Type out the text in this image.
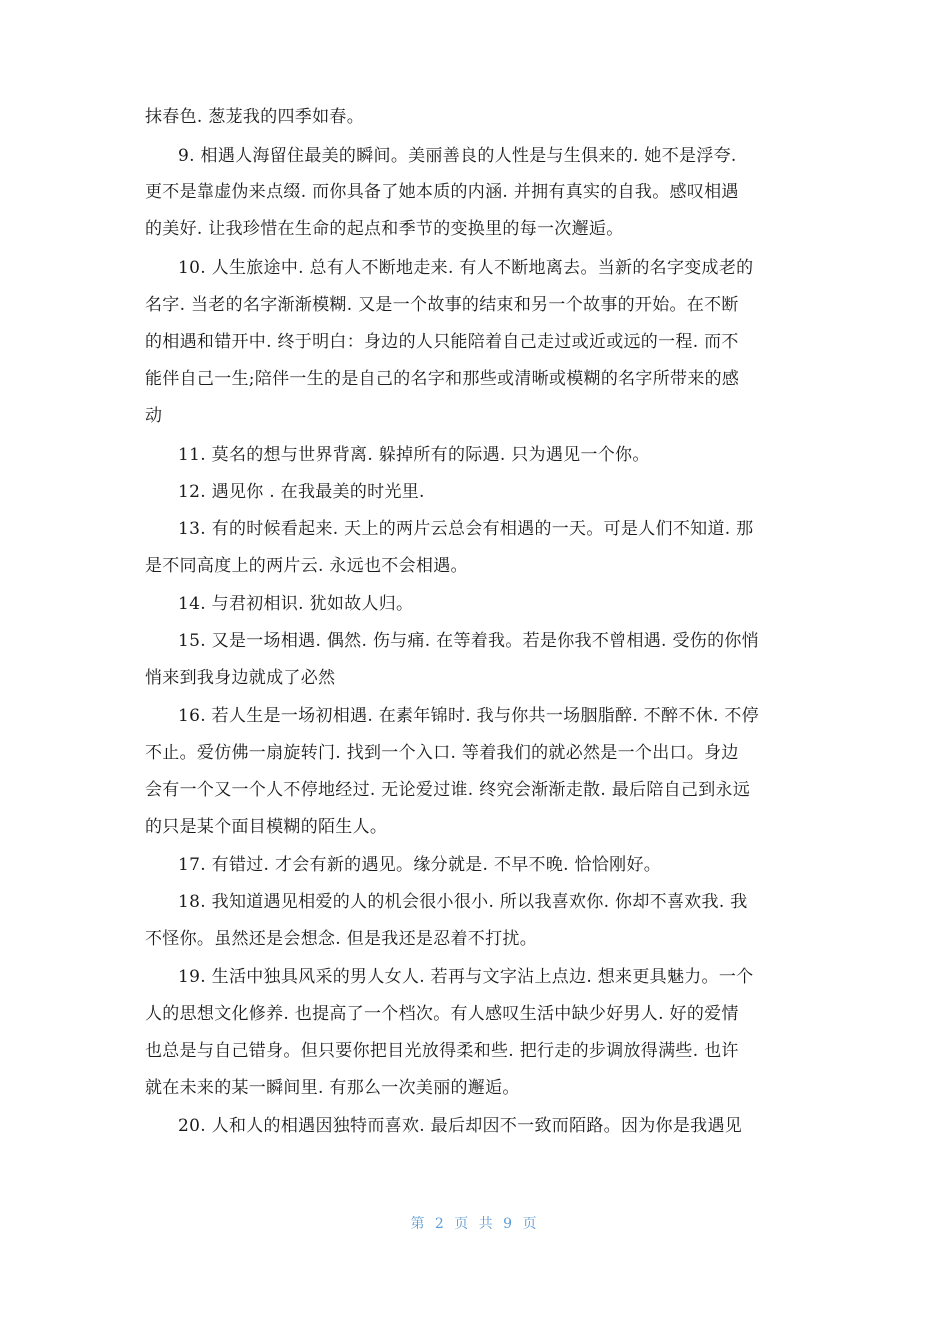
抹春色. 葱茏我的四季如春。
9. 相遇人海留住最美的瞬间。美丽善良的人性是与生俱来的. 她不是浮夸.
更不是靠虚伪来点缀. 而你具备了她本质的内涵. 并拥有真实的自我。感叹相遇
的美好. 让我珍惜在生命的起点和季节的变换里的每一次邂逅。
10. 人生旅途中. 总有人不断地走来. 有人不断地离去。当新的名字变成老的
名字. 当老的名字渐渐模糊. 又是一个故事的结束和另一个故事的开始。在不断
的相遇和错开中. 终于明白：身边的人只能陪着自己走过或近或远的一程. 而不
能伴自己一生;陪伴一生的是自己的名字和那些或清晰或模糊的名字所带来的感
动
11. 莫名的想与世界背离. 躲掉所有的际遇. 只为遇见一个你。
12. 遇见你 . 在我最美的时光里.
13. 有的时候看起来. 天上的两片云总会有相遇的一天。可是人们不知道. 那
是不同高度上的两片云. 永远也不会相遇。
14. 与君初相识. 犹如故人归。
15. 又是一场相遇. 偶然. 伤与痛. 在等着我。若是你我不曾相遇. 受伤的你悄
悄来到我身边就成了必然
16. 若人生是一场初相遇. 在素年锦时. 我与你共一场胭脂醉. 不醉不休. 不停
不止。爱仿佛一扇旋转门. 找到一个入口. 等着我们的就必然是一个出口。身边
会有一个又一个人不停地经过. 无论爱过谁. 终究会渐渐走散. 最后陪自己到永远
的只是某个面目模糊的陌生人。
17. 有错过. 才会有新的遇见。缘分就是. 不早不晚. 恰恰刚好。
18. 我知道遇见相爱的人的机会很小很小. 所以我喜欢你. 你却不喜欢我. 我
不怪你。虽然还是会想念. 但是我还是忍着不打扰。
19. 生活中独具风采的男人女人. 若再与文字沾上点边. 想来更具魅力。一个
人的思想文化修养. 也提高了一个档次。有人感叹生活中缺少好男人. 好的爱情
也总是与自己错身。但只要你把目光放得柔和些. 把行走的步调放得满些. 也许
就在未来的某一瞬间里. 有那么一次美丽的邂逅。
20. 人和人的相遇因独特而喜欢. 最后却因不一致而陌路。因为你是我遇见
第 2 页 共 9 页
